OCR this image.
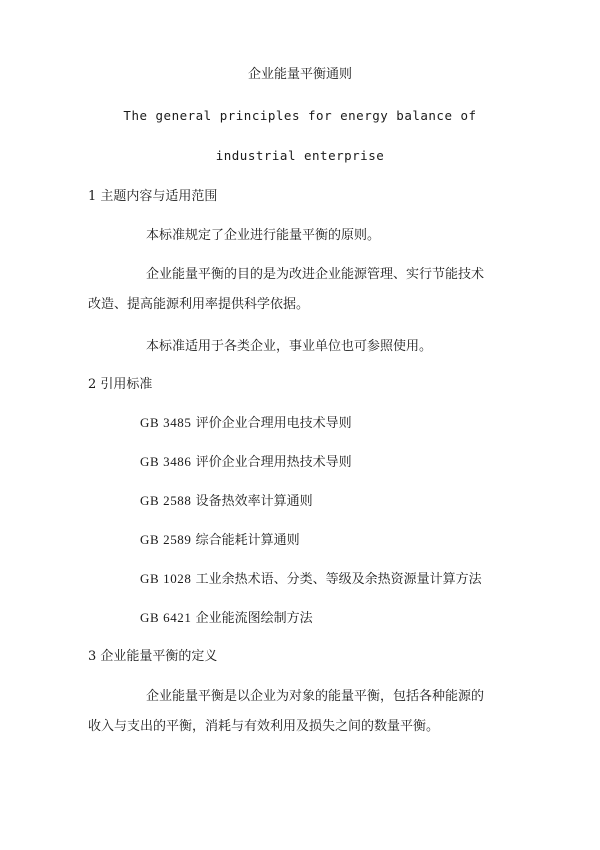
企业能量平衡通则
The general principles for energy balance of
industrial enterprise
1 主题内容与适用范围
本标准规定了企业进行能量平衡的原则。
企业能量平衡的目的是为改进企业能源管理、实行节能技术
改造、提高能源利用率提供科学依据。
本标准适用于各类企业，事业单位也可参照使用。
2 引用标准
GB 3485 评价企业合理用电技术导则
GB 3486 评价企业合理用热技术导则
GB 2588 设备热效率计算通则
GB 2589 综合能耗计算通则
GB 1028 工业余热术语、分类、等级及余热资源量计算方法
GB 6421 企业能流图绘制方法
3 企业能量平衡的定义
企业能量平衡是以企业为对象的能量平衡，包括各种能源的
收入与支出的平衡，消耗与有效利用及损失之间的数量平衡。
